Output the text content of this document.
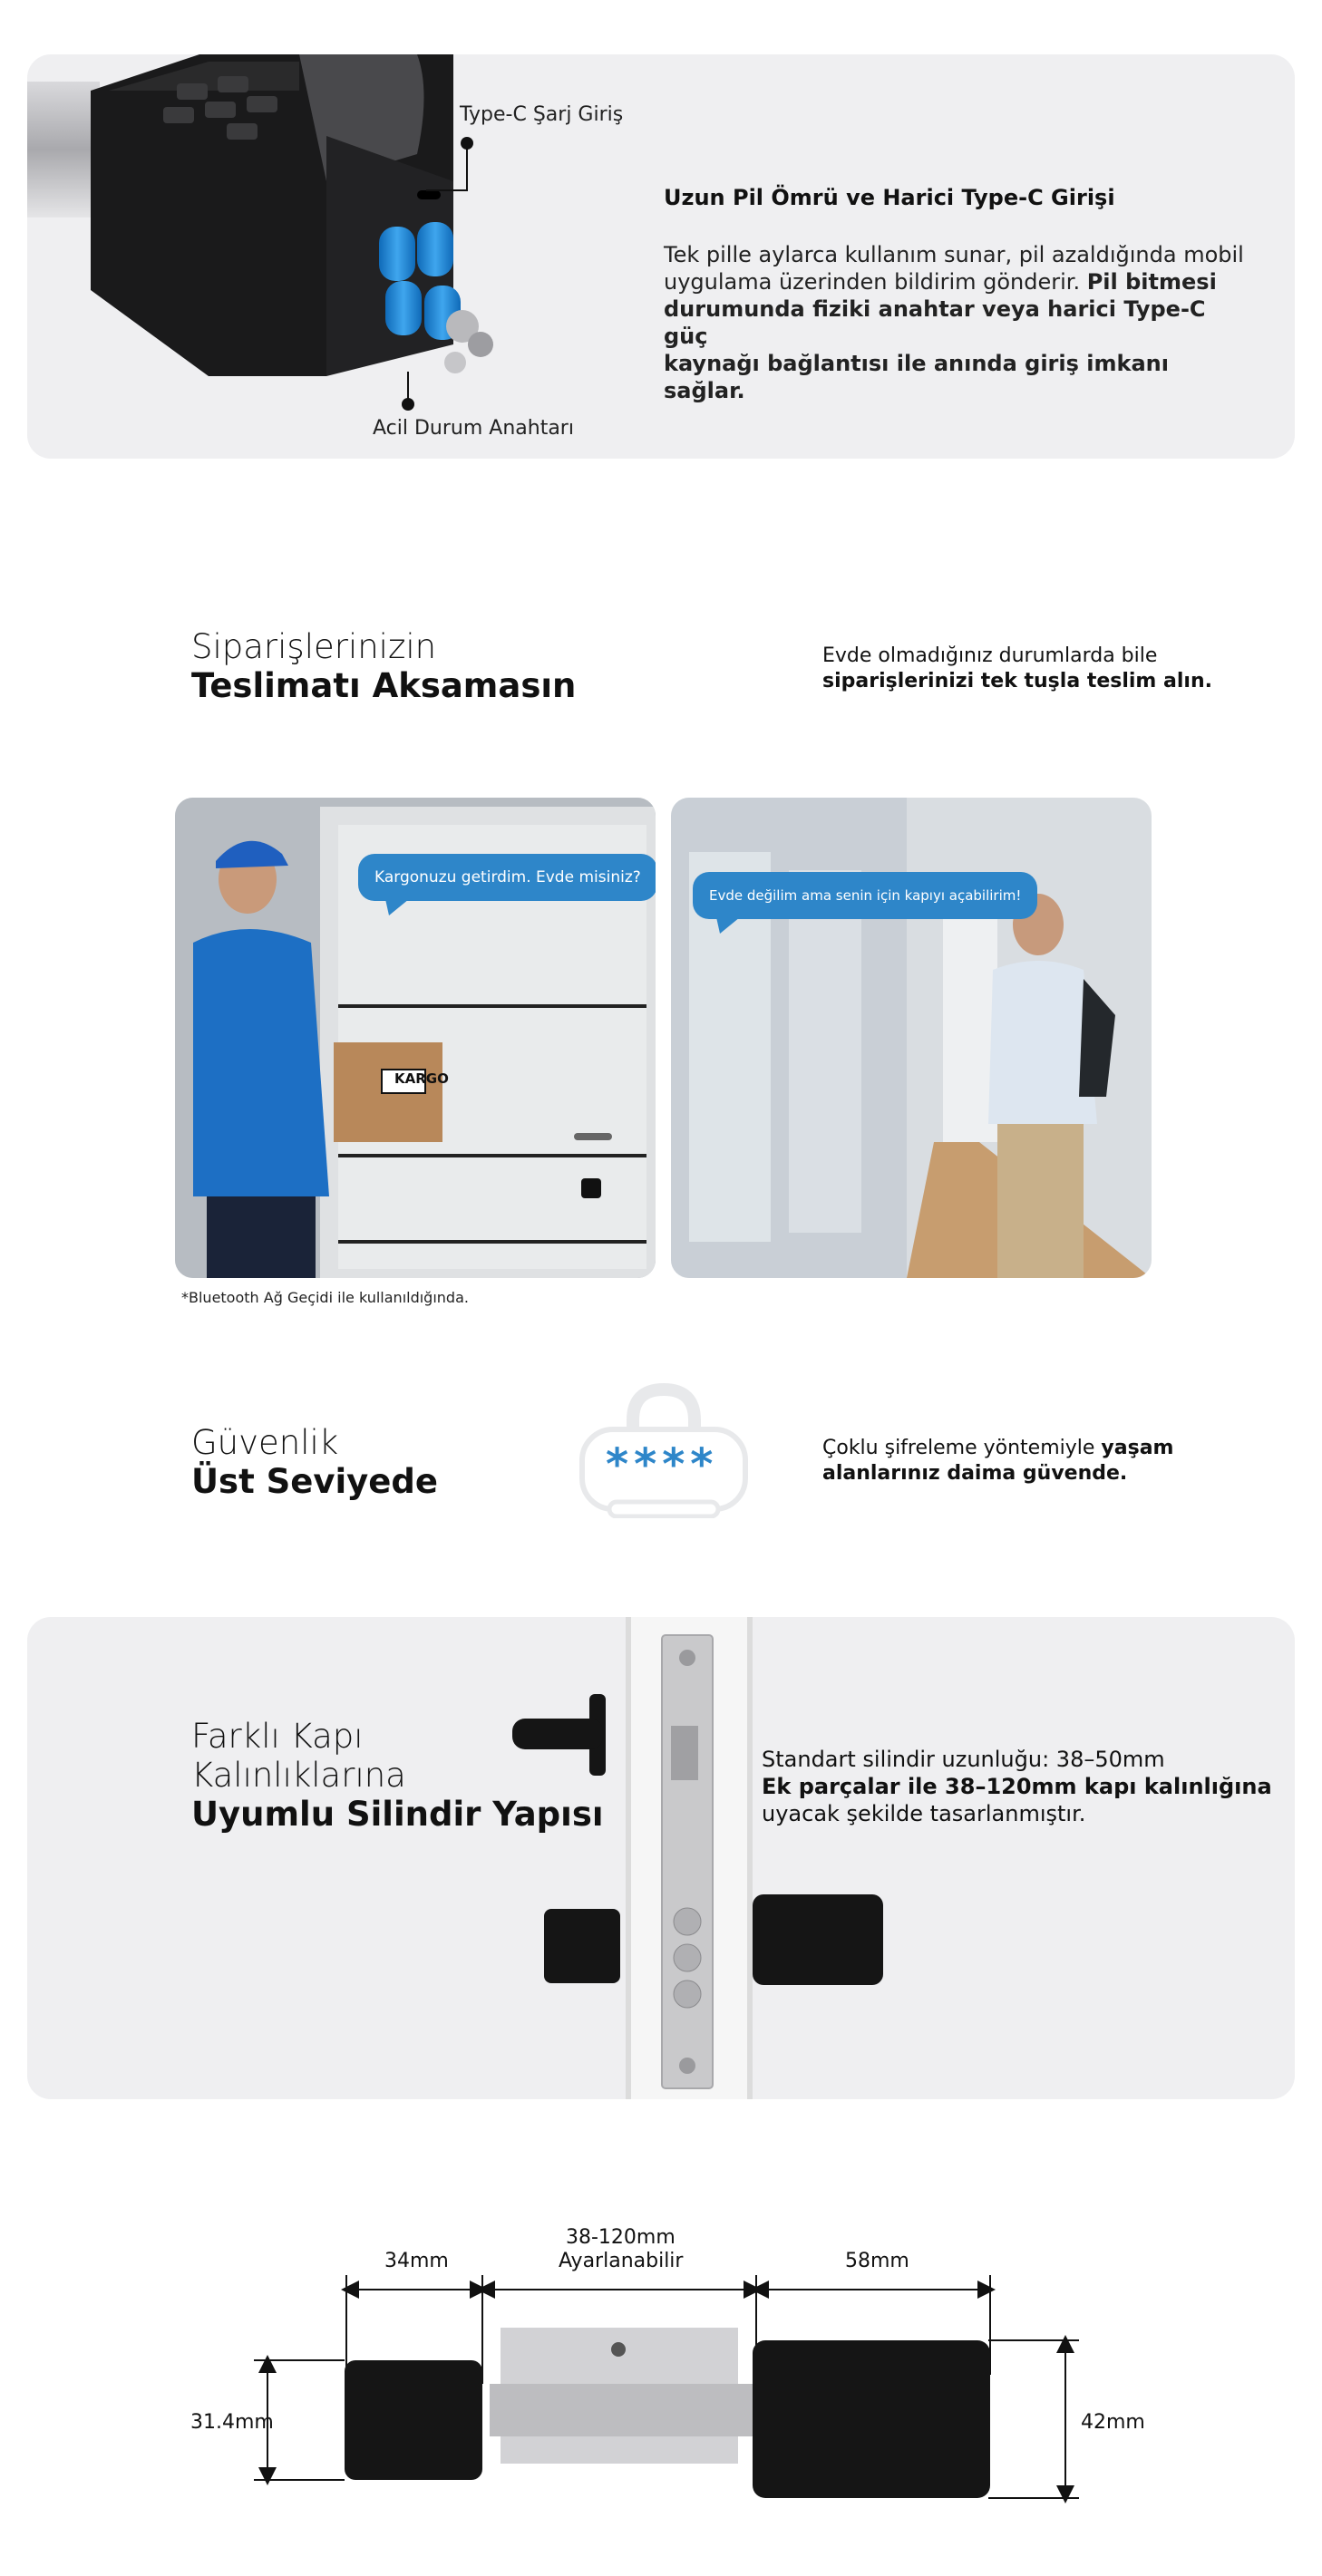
Type-C Şarj Giriş
Acil Durum Anahtarı
Uzun Pil Ömrü ve Harici Type-C Girişi
Tek pille aylarca kullanım sunar, pil azaldığında mobil
uygulama üzerinden bildirim gönderir. Pil bitmesi
durumunda fiziki anahtar veya harici Type-C güç
kaynağı bağlantısı ile anında giriş imkanı sağlar.
Siparişlerinizin
Teslimatı Aksamasın
Evde olmadığınız durumlarda bile
siparişlerinizi tek tuşla teslim alın.
KARGO
Kargonuzu getirdim. Evde misiniz?
Evde değilim ama senin için kapıyı açabilirim!
*Bluetooth Ağ Geçidi ile kullanıldığında.
Güvenlik
Üst Seviyede	****	Çoklu şifreleme yöntemiyle yaşam
alanlarınız daima güvende.
Farklı Kapı
Kalınlıklarına
Uyumlu Silindir Yapısı
Standart silindir uzunluğu: 38–50mm
Ek parçalar ile 38–120mm kapı kalınlığına
uyacak şekilde tasarlanmıştır.
34mm
38-120mm
Ayarlanabilir	58mm
31.4mm	42mm
